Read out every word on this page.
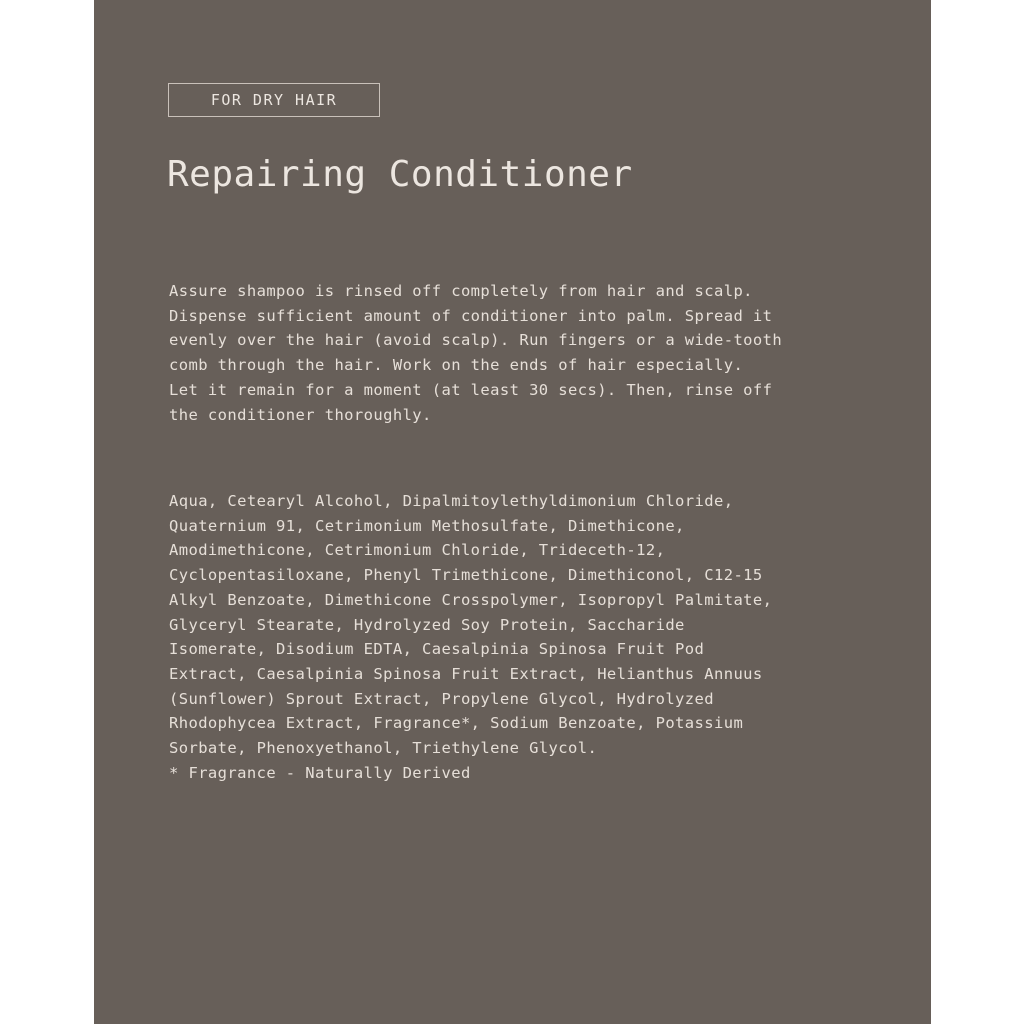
FOR DRY HAIR
Repairing Conditioner

Assure shampoo is rinsed off completely from hair and scalp.
Dispense sufficient amount of conditioner into palm. Spread it
evenly over the hair (avoid scalp). Run fingers or a wide-tooth
comb through the hair. Work on the ends of hair especially.
Let it remain for a moment (at least 30 secs). Then, rinse off
the conditioner thoroughly.

Aqua, Cetearyl Alcohol, Dipalmitoylethyldimonium Chloride,
Quaternium 91, Cetrimonium Methosulfate, Dimethicone,
Amodimethicone, Cetrimonium Chloride, Trideceth-12,
Cyclopentasiloxane, Phenyl Trimethicone, Dimethiconol, C12-15
Alkyl Benzoate, Dimethicone Crosspolymer, Isopropyl Palmitate,
Glyceryl Stearate, Hydrolyzed Soy Protein, Saccharide
Isomerate, Disodium EDTA, Caesalpinia Spinosa Fruit Pod
Extract, Caesalpinia Spinosa Fruit Extract, Helianthus Annuus
(Sunflower) Sprout Extract, Propylene Glycol, Hydrolyzed
Rhodophycea Extract, Fragrance*, Sodium Benzoate, Potassium
Sorbate, Phenoxyethanol, Triethylene Glycol.

* Fragrance - Naturally Derived
